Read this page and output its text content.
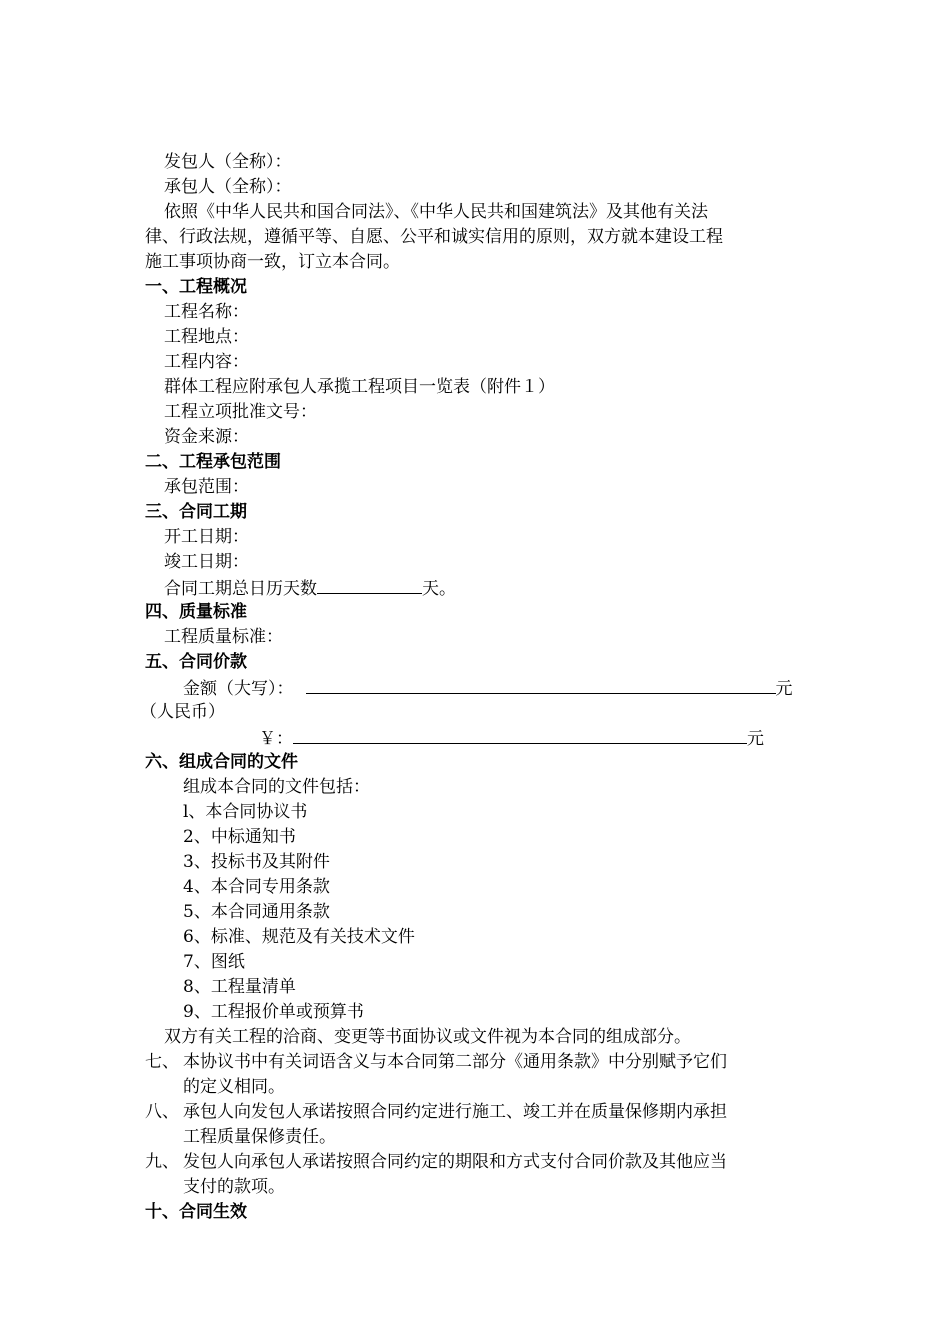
发包人（全称）：
承包人（全称）：
依照《中华人民共和国合同法》、《中华人民共和国建筑法》及其他有关法
律、行政法规，遵循平等、自愿、公平和诚实信用的原则，双方就本建设工程
施工事项协商一致，订立本合同。
一、工程概况
工程名称：
工程地点：
工程内容：
群体工程应附承包人承揽工程项目一览表（附件１）
工程立项批准文号：
资金来源：
二、工程承包范围
承包范围：
三、合同工期
开工日期：
竣工日期：
合同工期总日历天数	天。
四、质量标准
工程质量标准：
五、合同价款
金额（大写）：	元
（人民币）
￥：	元
六、组成合同的文件
组成本合同的文件包括：
l、本合同协议书
2、中标通知书
3、投标书及其附件
4、本合同专用条款
5、本合同通用条款
6、标准、规范及有关技术文件
7、图纸
8、工程量清单
9、工程报价单或预算书
双方有关工程的洽商、变更等书面协议或文件视为本合同的组成部分。
七、 本协议书中有关词语含义与本合同第二部分《通用条款》中分别赋予它们
的定义相同。
八、 承包人向发包人承诺按照合同约定进行施工、竣工并在质量保修期内承担
工程质量保修责任。
九、 发包人向承包人承诺按照合同约定的期限和方式支付合同价款及其他应当
支付的款项。
十、合同生效
